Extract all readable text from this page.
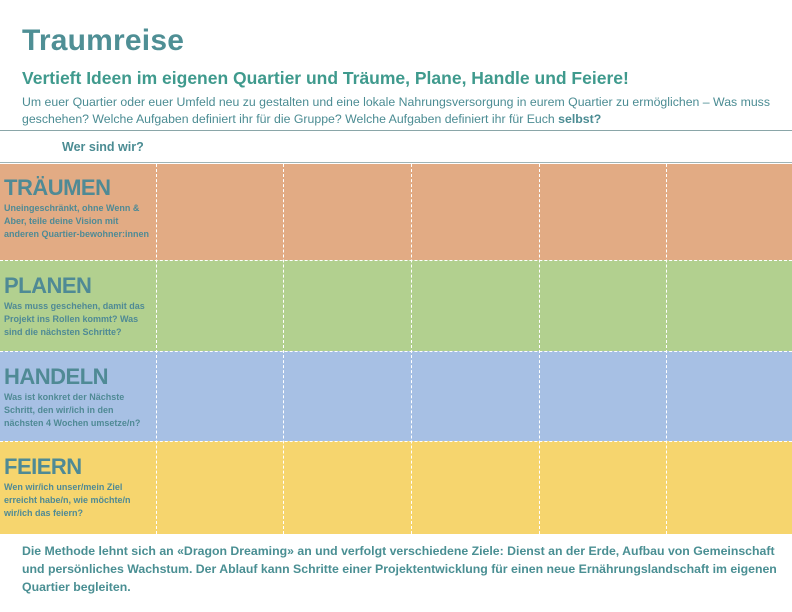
Traumreise
Vertieft Ideen im eigenen Quartier und Träume, Plane, Handle und Feiere!
Um euer Quartier oder euer Umfeld neu zu gestalten und eine lokale Nahrungsversorgung in eurem Quartier zu ermöglichen – Was muss geschehen? Welche Aufgaben definiert ihr für die Gruppe? Welche Aufgaben definiert ihr für Euch selbst?
Wer sind wir?
TRÄUMEN
Uneingeschränkt, ohne Wenn & Aber, teile deine Vision mit anderen Quartier-bewohner:innen
PLANEN
Was muss geschehen, damit das Projekt ins Rollen kommt? Was sind die nächsten Schritte?
HANDELN
Was ist konkret der Nächste Schritt, den wir/ich in den nächsten 4 Wochen umsetze/n?
FEIERN
Wen wir/ich unser/mein Ziel erreicht habe/n, wie möchte/n wir/ich das feiern?
Die Methode lehnt sich an «Dragon Dreaming» an und verfolgt verschiedene Ziele: Dienst an der Erde, Aufbau von Gemeinschaft und persönliches Wachstum. Der Ablauf kann Schritte einer Projektentwicklung für einen neue Ernährungslandschaft im eigenen Quartier begleiten.
